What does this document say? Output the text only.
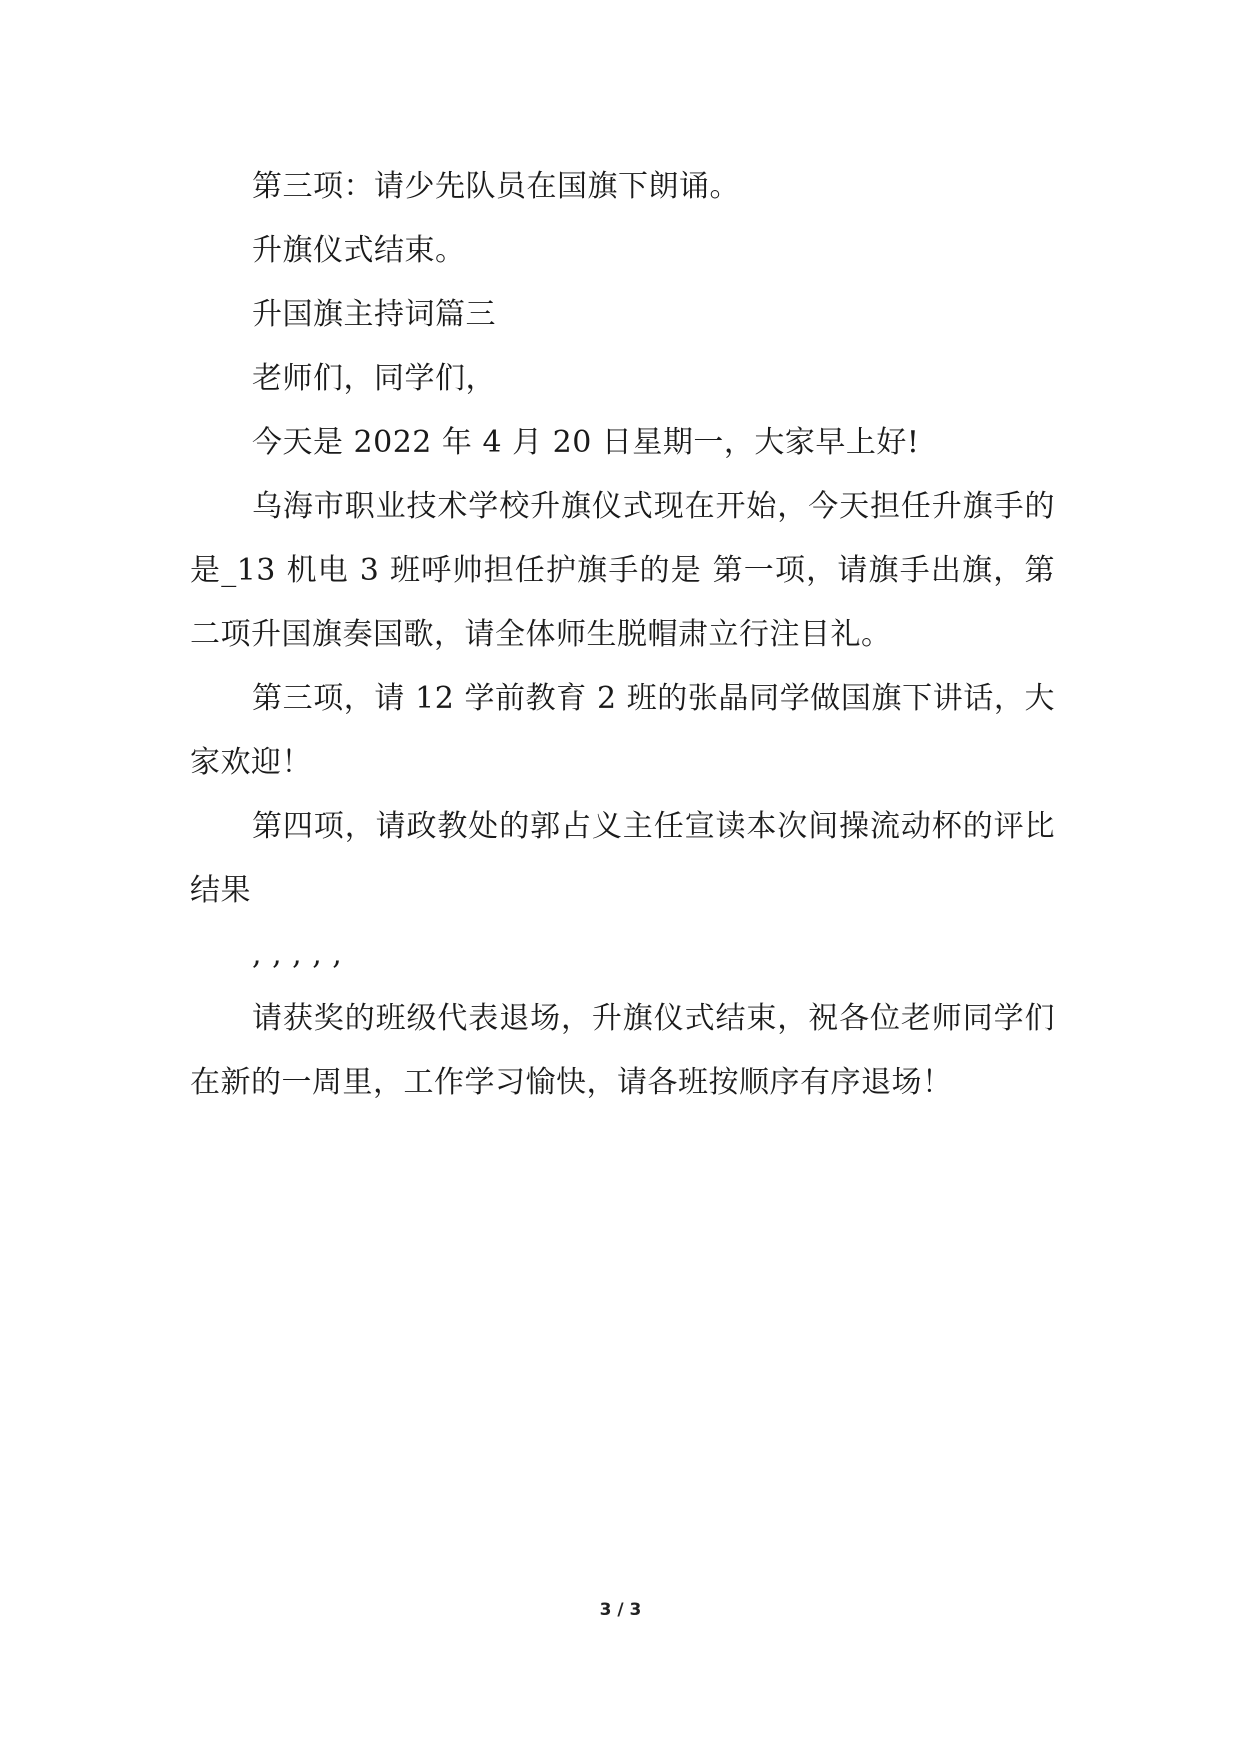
第三项：请少先队员在国旗下朗诵。

升旗仪式结束。

升国旗主持词篇三

老师们，同学们，

今天是 2022 年 4 月 20 日星期一，大家早上好!

乌海市职业技术学校升旗仪式现在开始，今天担任升旗手的是_13 机电 3 班呼帅担任护旗手的是 第一项，请旗手出旗，第二项升国旗奏国歌，请全体师生脱帽肃立行注目礼。

第三项，请 12 学前教育 2 班的张晶同学做国旗下讲话，大家欢迎！

第四项，请政教处的郭占义主任宣读本次间操流动杯的评比结果

, , , , ,

请获奖的班级代表退场，升旗仪式结束，祝各位老师同学们在新的一周里，工作学习愉快，请各班按顺序有序退场！

3 / 3
